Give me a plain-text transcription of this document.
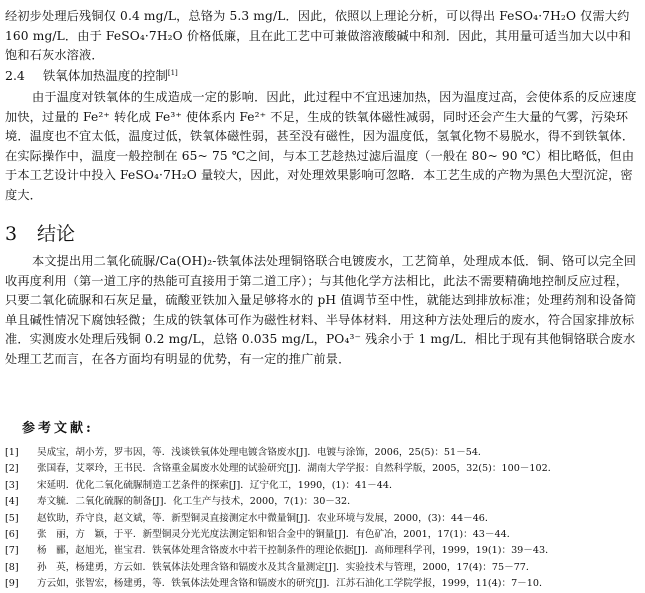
经初步处理后残铜仅 0.4 mg/L，总铬为 5.3 mg/L．因此，依照以上理论分析，可以得出 FeSO₄·7H₂O 仅需大约 160 mg/L．由于 FeSO₄·7H₂O 价格低廉，且在此工艺中可兼做溶液酸碱中和剂．因此，其用量可适当加大以中和饱和石灰水溶液．
2.4 铁氧体加热温度的控制[1]
由于温度对铁氧体的生成造成一定的影响．因此，此过程中不宜迅速加热，因为温度过高，会使体系的反应速度加快，过量的 Fe²⁺ 转化成 Fe³⁺ 使体系内 Fe²⁺ 不足，生成的铁氧体磁性减弱，同时还会产生大量的气雾，污染环境．温度也不宜太低，温度过低，铁氧体磁性弱，甚至没有磁性，因为温度低，氢氧化物不易脱水，得不到铁氧体．在实际操作中，温度一般控制在 65~ 75 ℃之间，与本工艺趁热过滤后温度（一般在 80~ 90 ℃）相比略低，但由于本工艺设计中投入 FeSO₄·7H₂O 量较大，因此，对处理效果影响可忽略．本工艺生成的产物为黑色大型沉淀，密度大．
3 结论
本文提出用二氧化硫脲/Ca(OH)₂-铁氧体法处理铜铬联合电镀废水，工艺简单，处理成本低．铜、铬可以完全回收再度利用（第一道工序的热能可直接用于第二道工序）；与其他化学方法相比，此法不需要精确地控制反应过程，只要二氧化硫脲和石灰足量，硫酸亚铁加入量足够将水的 pH 值调节至中性，就能达到排放标准；处理药剂和设备简单且碱性情况下腐蚀轻微；生成的铁氧体可作为磁性材料、半导体材料．用这种方法处理后的废水，符合国家排放标准．实测废水处理后残铜 0.2 mg/L，总铬 0.035 mg/L，PO₄³⁻ 残余小于 1 mg/L．相比于现有其他铜铬联合废水处理工艺而言，在各方面均有明显的优势，有一定的推广前景．
参考文献:
[1]	吴成宝，胡小芳，罗韦因，等．浅谈铁氧体处理电镀含铬废水[J]．电镀与涂饰，2006，25(5)：51－54．
[2]	张国春，艾翠玲，王书民．含铬重金属废水处理的试验研究[J]．湖南大学学报：自然科学版，2005，32(5)：100－102．
[3]	宋延明．优化二氧化硫脲制造工艺条件的探索[J]．辽宁化工，1990，(1)：41－44．
[4]	寿文毓．二氧化硫脲的制备[J]．化工生产与技术，2000，7(1)：30－32．
[5]	赵钦助，乔守良，赵文斌，等．新型铜灵直接测定水中微量铜[J]．农业环境与发展，2000，(3)：44－46．
[6]	张　丽，方　颖，于平．新型铜灵分光光度法测定铝和铝合金中的铜量[J]．有色矿冶，2001，17(1)：43－44．
[7]	杨　郦，赵旭光，崔宝君．铁氧体处理含铬废水中若干控制条件的理论依据[J]．高师理科学刊，1999，19(1)：39－43．
[8]	孙　英，杨建勇，方云如．铁氧体法处理含铬和镉废水及其含量测定[J]．实验技术与管理，2000，17(4)：75－77．
[9]	方云如，张智宏，杨建勇，等．铁氧体法处理含铬和镉废水的研究[J]．江苏石油化工学院学报，1999，11(4)：7－10．
